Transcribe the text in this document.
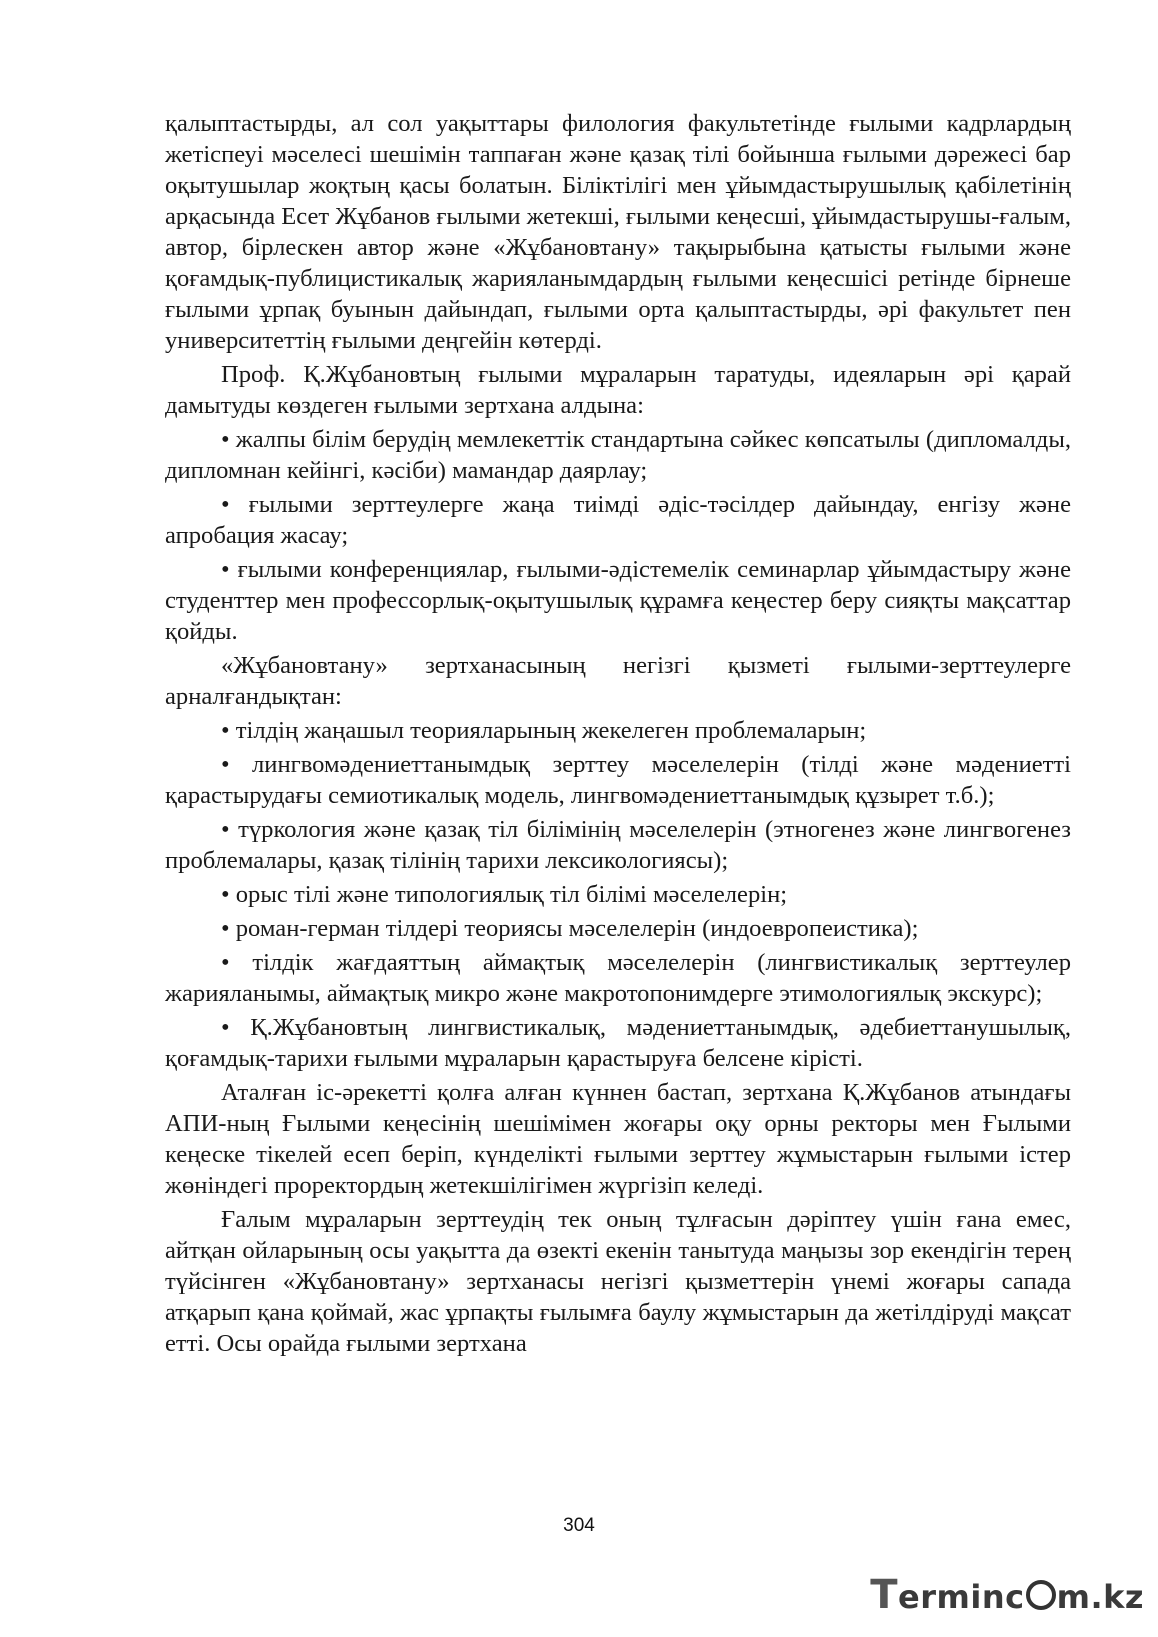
қалыптастырды, ал сол уақыттары филология факультетінде ғылыми кадрлардың жетіспеуі мәселесі шешімін таппаған және қазақ тілі бойынша ғылыми дәрежесі бар оқытушылар жоқтың қасы болатын. Біліктілігі мен ұйымдастырушылық қабілетінің арқасында Есет Жұбанов ғылыми жетекші, ғылыми кеңесші, ұйымдастырушы-ғалым, автор, бірлескен автор және «Жұбановтану» тақырыбына қатысты ғылыми және қоғамдық-публицистикалық жарияланымдардың ғылыми кеңесшісі ретінде бірнеше ғылыми ұрпақ буынын дайындап, ғылыми орта қалыптастырды, әрі факультет пен университеттің ғылыми деңгейін көтерді.

Проф. Қ.Жұбановтың ғылыми мұраларын таратуды, идеяларын әрі қарай дамытуды көздеген ғылыми зертхана алдына:

• жалпы білім берудің мемлекеттік стандартына сәйкес көпсатылы (дипломалды, дипломнан кейінгі, кәсіби) мамандар даярлау;

• ғылыми зерттеулерге жаңа тиімді әдіс-тәсілдер дайындау, енгізу және апробация жасау;

• ғылыми конференциялар, ғылыми-әдістемелік семинарлар ұйымдастыру және студенттер мен профессорлық-оқытушылық құрамға кеңестер беру сияқты мақсаттар қойды.

«Жұбановтану» зертханасының негізгі қызметі ғылыми-зерттеулерге арналғандықтан:

• тілдің жаңашыл теорияларының жекелеген проблемаларын;

• лингвомәдениеттанымдық зерттеу мәселелерін (тілді және мәдениетті қарастырудағы семиотикалық модель, лингвомәдениеттанымдық құзырет т.б.);

• түркология және қазақ тіл білімінің мәселелерін (этногенез және лингвогенез проблемалары, қазақ тілінің тарихи лексикологиясы);

• орыс тілі және типологиялық тіл білімі мәселелерін;

• роман-герман тілдері теориясы мәселелерін (индоевропеистика);

• тілдік жағдаяттың аймақтық мәселелерін (лингвистикалық зерттеулер жарияланымы, аймақтық микро және макротопонимдерге этимологиялық экскурс);

• Қ.Жұбановтың лингвистикалық, мәдениеттанымдық, әдебиеттанушылық, қоғамдық-тарихи ғылыми мұраларын қарастыруға белсене кірісті.

Аталған іс-әрекетті қолға алған күннен бастап, зертхана Қ.Жұбанов атындағы АПИ-ның Ғылыми кеңесінің шешімімен жоғары оқу орны ректоры мен Ғылыми кеңеске тікелей есеп беріп, күнделікті ғылыми зерттеу жұмыстарын ғылыми істер жөніндегі проректордың жетекшілігімен жүргізіп келеді.

Ғалым мұраларын зерттеудің тек оның тұлғасын дәріптеу үшін ғана емес, айтқан ойларының осы уақытта да өзекті екенін танытуда маңызы зор екендігін терең түйсінген «Жұбановтану» зертханасы негізгі қызметтерін үнемі жоғары сапада атқарып қана қоймай, жас ұрпақты ғылымға баулу жұмыстарын да жетілдіруді мақсат етті. Осы орайда ғылыми зертхана

304
T erminc m.kz
